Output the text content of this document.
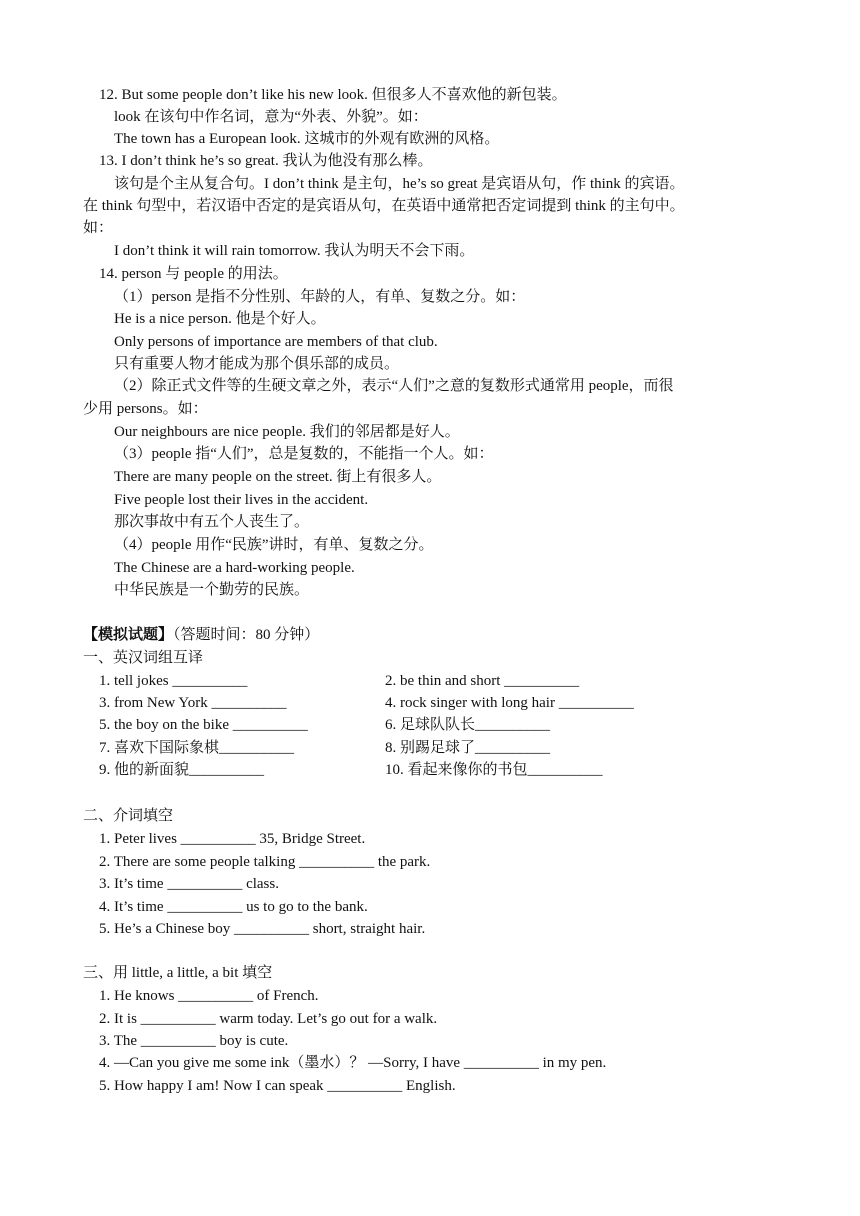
12. But some people don’t like his new look. 但很多人不喜欢他的新包装。
look 在该句中作名词，意为“外表、外貌”。如：
The town has a European look. 这城市的外观有欧洲的风格。
13. I don’t think he’s so great. 我认为他没有那么棒。
该句是个主从复合句。I don’t think 是主句，he’s so great 是宾语从句，作 think 的宾语。
在 think 句型中，若汉语中否定的是宾语从句，在英语中通常把否定词提到 think 的主句中。
如：
I don’t think it will rain tomorrow. 我认为明天不会下雨。
14. person 与 people 的用法。
（1）person 是指不分性别、年龄的人，有单、复数之分。如：
He is a nice person. 他是个好人。
Only persons of importance are members of that club.
只有重要人物才能成为那个俱乐部的成员。
（2）除正式文件等的生硬文章之外，表示“人们”之意的复数形式通常用 people，而很
少用 persons。如：
Our neighbours are nice people. 我们的邻居都是好人。
（3）people 指“人们”，总是复数的，不能指一个人。如：
There are many people on the street. 街上有很多人。
Five people lost their lives in the accident.
那次事故中有五个人丧生了。
（4）people 用作“民族”讲时，有单、复数之分。
The Chinese are a hard-working people.
中华民族是一个勤劳的民族。
【模拟试题】（答题时间：80 分钟）
一、英汉词组互译
1. tell jokes __________
3. from New York __________
5. the boy on the bike __________
7. 喜欢下国际象棋__________
9. 他的新面貌__________
2. be thin and short __________
4. rock singer with long hair __________
6. 足球队队长__________
8. 别踢足球了__________
10. 看起来像你的书包__________
二、介词填空
1. Peter lives __________ 35, Bridge Street.
2. There are some people talking __________ the park.
3. It’s time __________ class.
4. It’s time __________ us to go to the bank.
5. He’s a Chinese boy __________ short, straight hair.
三、用 little, a little, a bit 填空
1. He knows __________ of French.
2. It is __________ warm today. Let’s go out for a walk.
3. The __________ boy is cute.
4. —Can you give me some ink（墨水）？ —Sorry, I have __________ in my pen.
5. How happy I am! Now I can speak __________ English.
